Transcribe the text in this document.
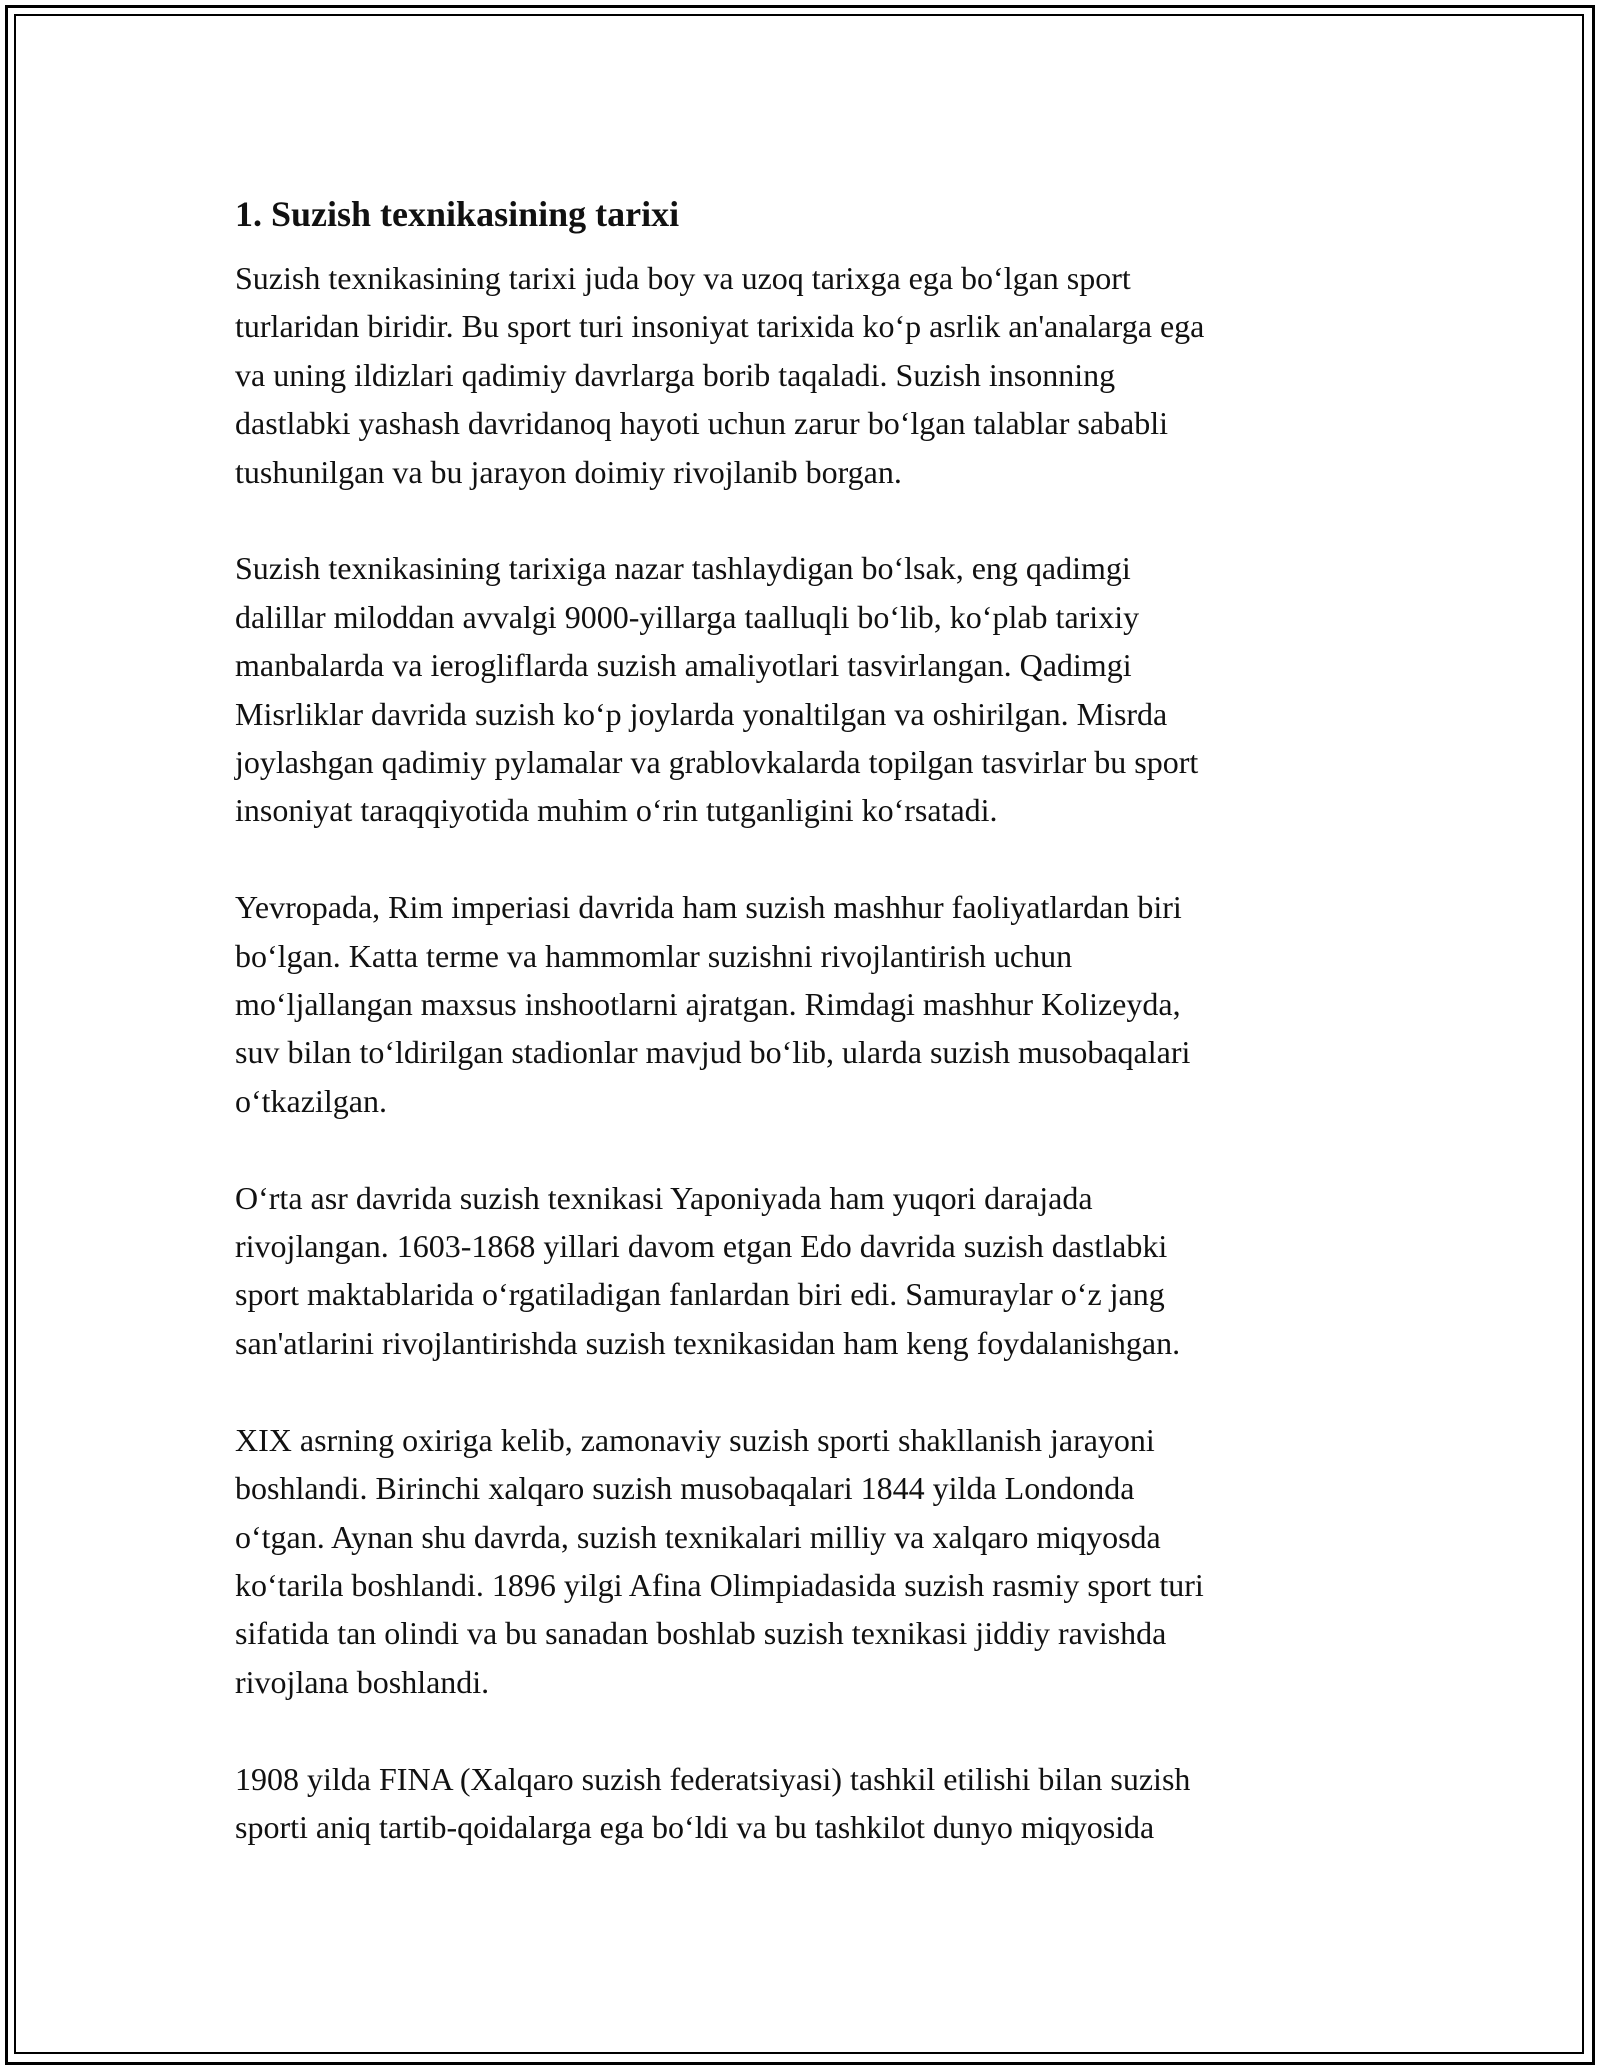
1. Suzish texnikasining tarixi

Suzish texnikasining tarixi juda boy va uzoq tarixga ega boʻlgan sport
turlaridan biridir. Bu sport turi insoniyat tarixida koʻp asrlik an'analarga ega
va uning ildizlari qadimiy davrlarga borib taqaladi. Suzish insonning
dastlabki yashash davridanoq hayoti uchun zarur boʻlgan talablar sababli
tushunilgan va bu jarayon doimiy rivojlanib borgan.

Suzish texnikasining tarixiga nazar tashlaydigan boʻlsak, eng qadimgi
dalillar miloddan avvalgi 9000-yillarga taalluqli boʻlib, koʻplab tarixiy
manbalarda va ierogliflarda suzish amaliyotlari tasvirlangan. Qadimgi
Misrliklar davrida suzish koʻp joylarda yonaltilgan va oshirilgan. Misrda
joylashgan qadimiy pylamalar va grablovkalarda topilgan tasvirlar bu sport
insoniyat taraqqiyotida muhim oʻrin tutganligini koʻrsatadi.

Yevropada, Rim imperiasi davrida ham suzish mashhur faoliyatlardan biri
boʻlgan. Katta terme va hammomlar suzishni rivojlantirish uchun
moʻljallangan maxsus inshootlarni ajratgan. Rimdagi mashhur Kolizeyda,
suv bilan toʻldirilgan stadionlar mavjud boʻlib, ularda suzish musobaqalari
oʻtkazilgan.

Oʻrta asr davrida suzish texnikasi Yaponiyada ham yuqori darajada
rivojlangan. 1603-1868 yillari davom etgan Edo davrida suzish dastlabki
sport maktablarida oʻrgatiladigan fanlardan biri edi. Samuraylar oʻz jang
san'atlarini rivojlantirishda suzish texnikasidan ham keng foydalanishgan.

XIX asrning oxiriga kelib, zamonaviy suzish sporti shakllanish jarayoni
boshlandi. Birinchi xalqaro suzish musobaqalari 1844 yilda Londonda
oʻtgan. Aynan shu davrda, suzish texnikalari milliy va xalqaro miqyosda
koʻtarila boshlandi. 1896 yilgi Afina Olimpiadasida suzish rasmiy sport turi
sifatida tan olindi va bu sanadan boshlab suzish texnikasi jiddiy ravishda
rivojlana boshlandi.

1908 yilda FINA (Xalqaro suzish federatsiyasi) tashkil etilishi bilan suzish
sporti aniq tartib-qoidalarga ega boʻldi va bu tashkilot dunyo miqyosida
